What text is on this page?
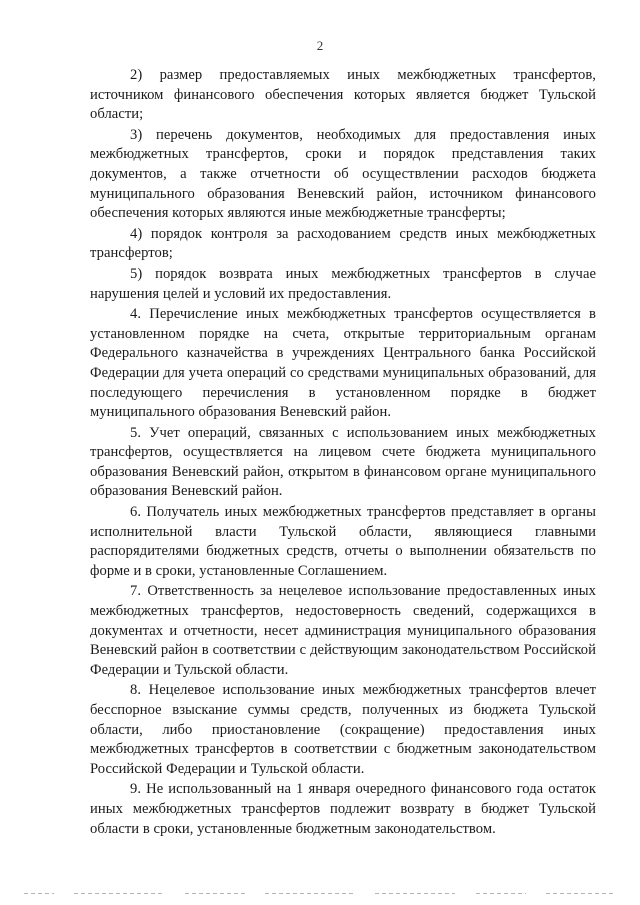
2

2) размер предоставляемых иных межбюджетных трансфертов, источником финансового обеспечения которых является бюджет Тульской области;

3) перечень документов, необходимых для предоставления иных межбюджетных трансфертов, сроки и порядок представления таких документов, а также отчетности об осуществлении расходов бюджета муниципального образования Веневский район, источником финансового обеспечения которых являются иные межбюджетные трансферты;

4) порядок контроля за расходованием средств иных межбюджетных трансфертов;

5) порядок возврата иных межбюджетных трансфертов в случае нарушения целей и условий их предоставления.

4. Перечисление иных межбюджетных трансфертов осуществляется в установленном порядке на счета, открытые территориальным органам Федерального казначейства в учреждениях Центрального банка Российской Федерации для учета операций со средствами муниципальных образований, для последующего перечисления в установленном порядке в бюджет муниципального образования Веневский район.

5. Учет операций, связанных с использованием иных межбюджетных трансфертов, осуществляется на лицевом счете бюджета муниципального образования Веневский район, открытом в финансовом органе муниципального образования Веневский район.

6. Получатель иных межбюджетных трансфертов представляет в органы исполнительной власти Тульской области, являющиеся главными распорядителями бюджетных средств, отчеты о выполнении обязательств по форме и в сроки, установленные Соглашением.

7. Ответственность за нецелевое использование предоставленных иных межбюджетных трансфертов, недостоверность сведений, содержащихся в документах и отчетности, несет администрация муниципального образования Веневский район в соответствии с действующим законодательством Российской Федерации и Тульской области.

8. Нецелевое использование иных межбюджетных трансфертов влечет бесспорное взыскание суммы средств, полученных из бюджета Тульской области, либо приостановление (сокращение) предоставления иных межбюджетных трансфертов в соответствии с бюджетным законодательством Российской Федерации и Тульской области.

9. Не использованный на 1 января очередного финансового года остаток иных межбюджетных трансфертов подлежит возврату в бюджет Тульской области в сроки, установленные бюджетным законодательством.
